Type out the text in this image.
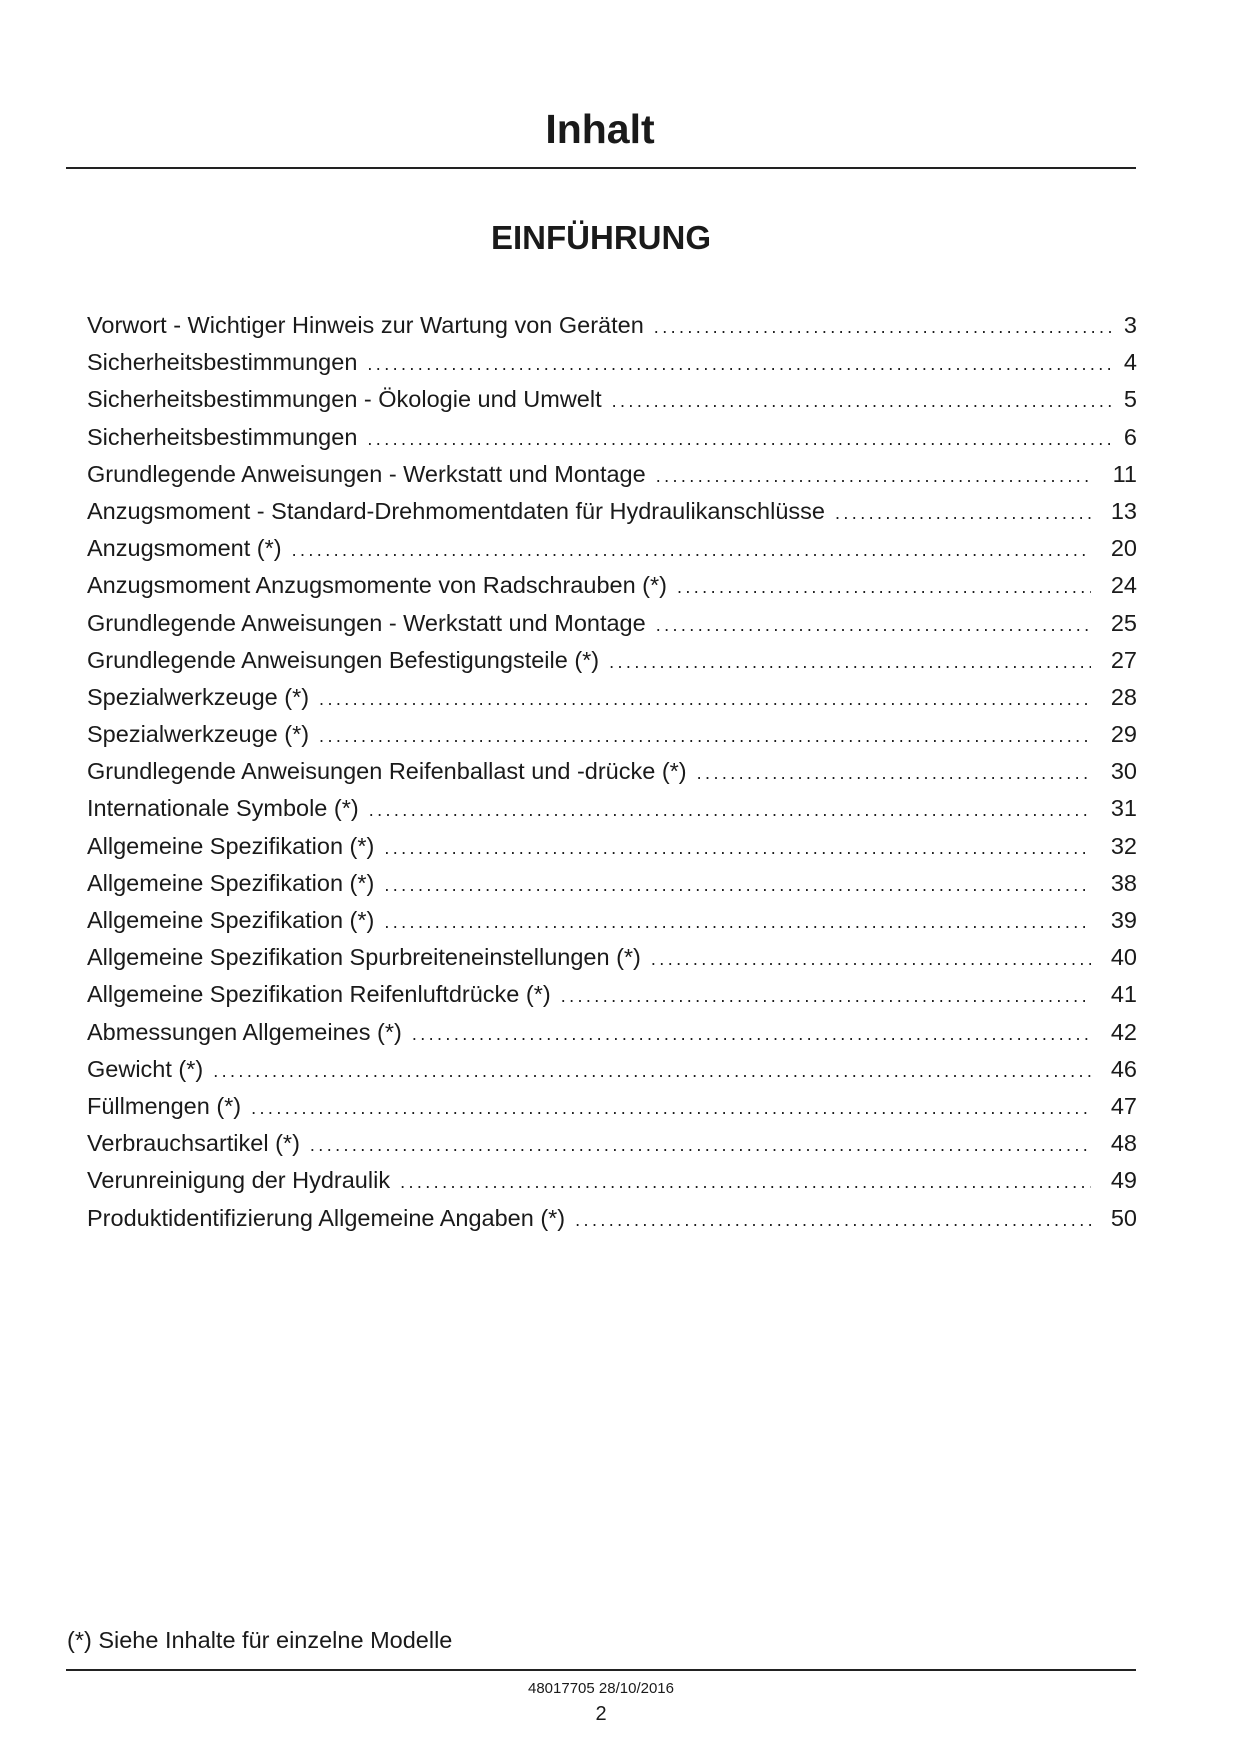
Inhalt
EINFÜHRUNG
Vorwort - Wichtiger Hinweis zur Wartung von Geräten .....	3
Sicherheitsbestimmungen .....	4
Sicherheitsbestimmungen - Ökologie und Umwelt .....	5
Sicherheitsbestimmungen .....	6
Grundlegende Anweisungen - Werkstatt und Montage .....	11
Anzugsmoment - Standard-Drehmomentdaten für Hydraulikanschlüsse .....	13
Anzugsmoment (*) .....	20
Anzugsmoment Anzugsmomente von Radschrauben (*) .....	24
Grundlegende Anweisungen - Werkstatt und Montage .....	25
Grundlegende Anweisungen Befestigungsteile (*) .....	27
Spezialwerkzeuge (*) .....	28
Spezialwerkzeuge (*) .....	29
Grundlegende Anweisungen Reifenballast und -drücke (*) .....	30
Internationale Symbole (*) .....	31
Allgemeine Spezifikation (*) .....	32
Allgemeine Spezifikation (*) .....	38
Allgemeine Spezifikation (*) .....	39
Allgemeine Spezifikation Spurbreiteneinstellungen (*) .....	40
Allgemeine Spezifikation Reifenluftdrücke (*) .....	41
Abmessungen Allgemeines (*) .....	42
Gewicht (*) .....	46
Füllmengen (*) .....	47
Verbrauchsartikel (*) .....	48
Verunreinigung der Hydraulik .....	49
Produktidentifizierung Allgemeine Angaben (*) .....	50
(*) Siehe Inhalte für einzelne Modelle
48017705 28/10/2016
2
